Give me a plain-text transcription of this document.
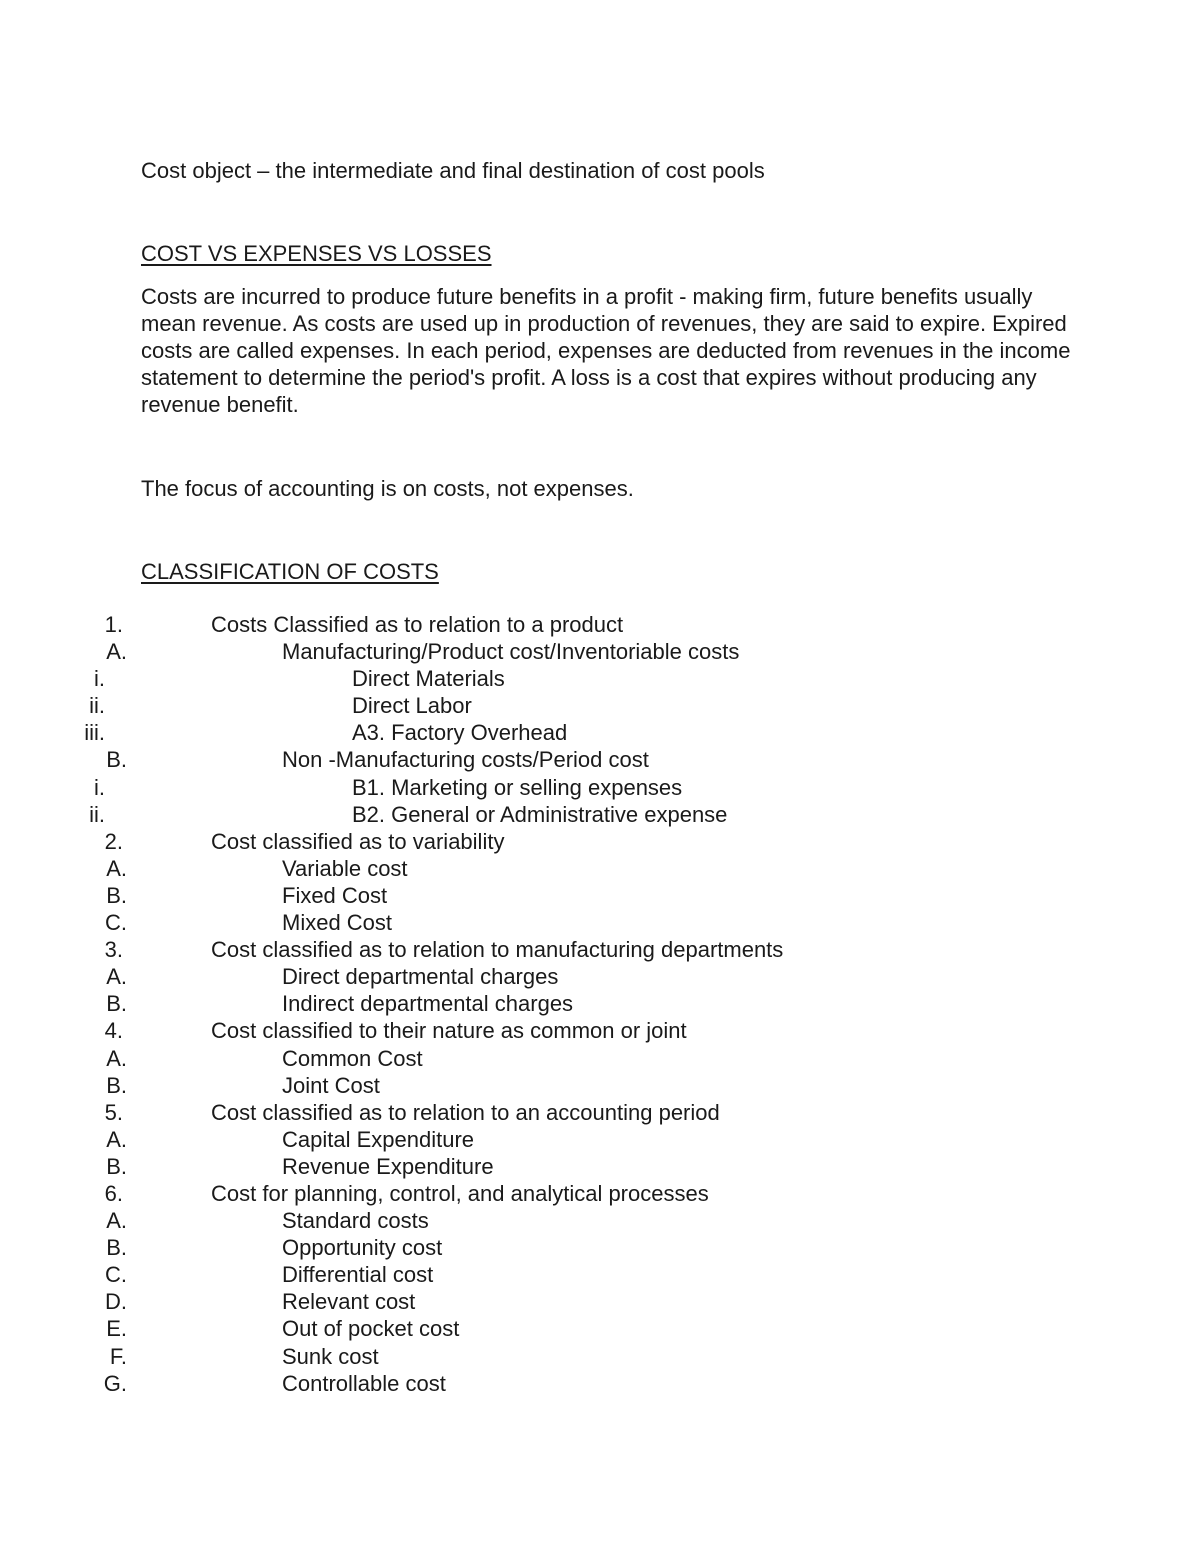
Cost object – the intermediate and final destination of cost pools

COST VS EXPENSES VS LOSSES

Costs are incurred to produce future benefits in a profit - making firm, future benefits usually mean revenue. As costs are used up in production of revenues, they are said to expire. Expired costs are called expenses. In each period, expenses are deducted from revenues in the income statement to determine the period's profit. A loss is a cost that expires without producing any revenue benefit.

The focus of accounting is on costs, not expenses.

CLASSIFICATION OF COSTS

1.	Costs Classified as to relation to a product
A.	Manufacturing/Product cost/Inventoriable costs
i.	Direct Materials
ii.	Direct Labor
iii.	A3. Factory Overhead
B.	Non -Manufacturing costs/Period cost
i.	B1. Marketing or selling expenses
ii.	B2. General or Administrative expense
2.	Cost classified as to variability
A.	Variable cost
B.	Fixed Cost
C.	Mixed Cost
3.	Cost classified as to relation to manufacturing departments
A.	Direct departmental charges
B.	Indirect departmental charges
4.	Cost classified to their nature as common or joint
A.	Common Cost
B.	Joint Cost
5.	Cost classified as to relation to an accounting period
A.	Capital Expenditure
B.	Revenue Expenditure
6.	Cost for planning, control, and analytical processes
A.	Standard costs
B.	Opportunity cost
C.	Differential cost
D.	Relevant cost
E.	Out of pocket cost
F.	Sunk cost
G.	Controllable cost
